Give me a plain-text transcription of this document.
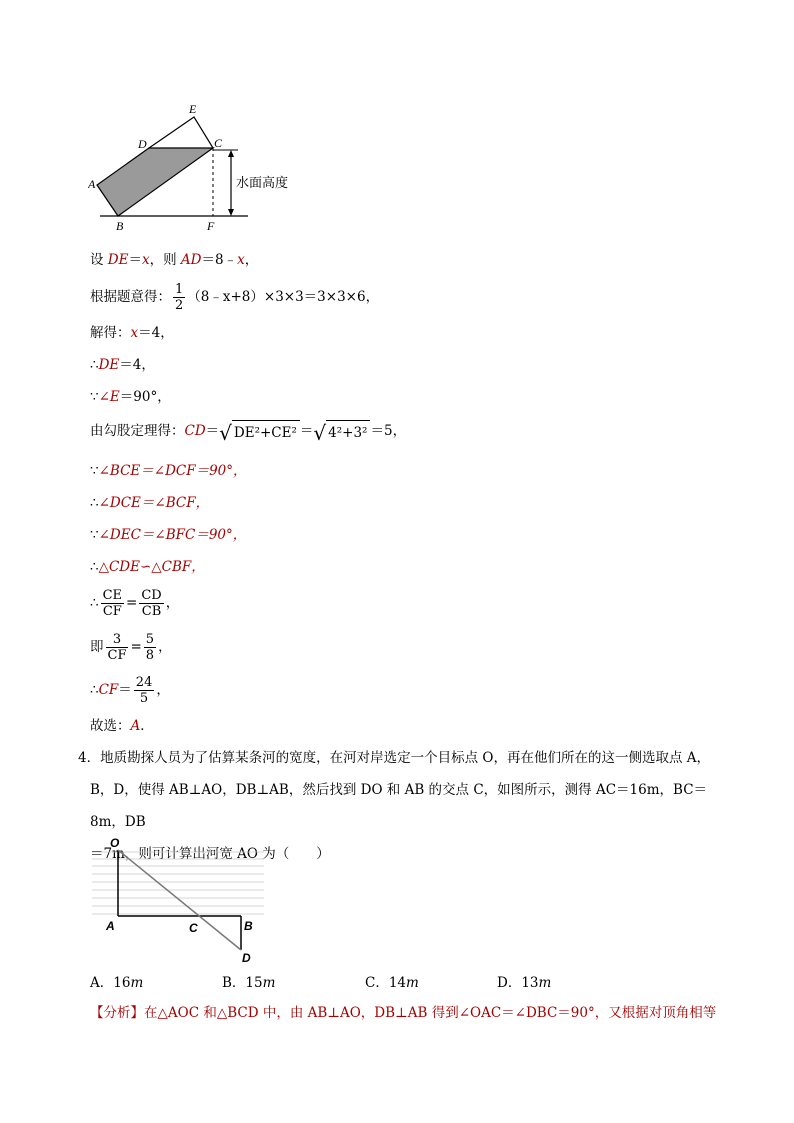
E
D	C
A
B	F
水面高度
设 DE＝x，则 AD＝8﹣x，
根据题意得： $\frac{1}{2}$ （8﹣x+8）×3×3＝3×3×6，
解得：x＝4，
∴DE＝4，
∵∠E＝90°，
由勾股定理得：CD＝√ DE²+CE² ＝√ 4²+3² ＝5，
∵∠BCE＝∠DCF＝90°，
∴∠DCE＝∠BCF，
∵∠DEC＝∠BFC＝90°，
∴△CDE∽△CBF，
∴ $\frac{CE}{CF} = \frac{CD}{CB}$ ，
即 $\frac{3}{CF} = \frac{5}{8}$ ，
∴CF＝ $\frac{24}{5}$ ，
故选：A．
4．地质勘探人员为了估算某条河的宽度，在河对岸选定一个目标点 O，再在他们所在的这一侧选取点 A，
B，D，使得 AB⊥AO，DB⊥AB，然后找到 DO 和 AB 的交点 C，如图所示，测得 AC＝16m，BC＝8m，DB
＝7m，则可计算出河宽 AO 为（　　）
O
A	C	B
D
A．16m	B．15m	C．14m	D．13m
【分析】在△AOC 和△BCD 中，由 AB⊥AO，DB⊥AB 得到∠OAC＝∠DBC＝90°，又根据对顶角相等
